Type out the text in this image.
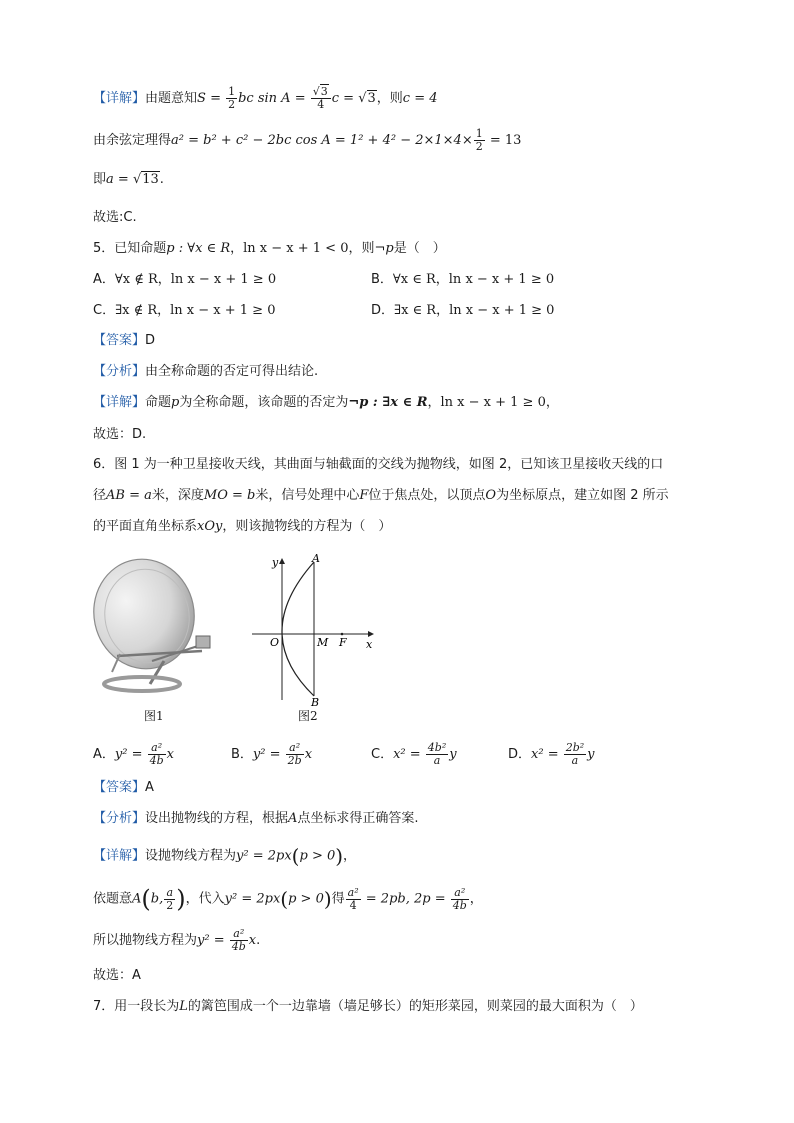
【详解】由题意知$S = \frac{1}{2}$ bc $\sin A = \frac{√3}{4}$ c = √3，则c = 4
由余弦定理得a² = b² + c² − 2bc $\cos A = 1^2 + 4^2 - 2\times 1\times 4\times \frac{1}{2} = 13$
即a = √13.
故选:C.
5．已知命题p : ∀x ∈ R，ln x − x + 1 < 0，则¬p是（　）
A．∀x ∉ R，ln x − x + 1 ≥ 0	B．∀x ∈ R，ln x − x + 1 ≥ 0
C．∃x ∉ R，ln x − x + 1 ≥ 0	D．∃x ∈ R，ln x − x + 1 ≥ 0
【答案】D
【分析】由全称命题的否定可得出结论.
【详解】命题p为全称命题，该命题的否定为¬p : ∃x ∈ R，ln x − x + 1 ≥ 0，
故选：D.
6．图 1 为一种卫星接收天线，其曲面与轴截面的交线为抛物线，如图 2，已知该卫星接收天线的口
径AB = a米，深度MO = b米，信号处理中心F位于焦点处，以顶点O为坐标原点，建立如图 2 所示
的平面直角坐标系xOy，则该抛物线的方程为（　）
图1
y	A
O	M F x
B
图2
A．$y^2 = \frac{\text{a²}}{4b}$ x	B．$y^2 = \frac{\text{a²}}{2b}$ x	C．$x^2 = \frac{\text{4b²}}{a}$ y	D．$x^2 = \frac{\text{2b²}}{a}$ y
【答案】A
【分析】设出抛物线的方程，根据A点坐标求得正确答案.
【详解】设抛物线方程为y² = 2px(p > 0)，
依题意A(b, $\frac{a}{2}$ )，代入y² = 2px(p > 0)得 $\frac{\text{a²}}{4} = 2pb$, $2p = \frac{\text{a²}}{4b}$ ，
所以抛物线方程为$y^2 = \frac{\text{a²}}{4b} x$.
故选：A
7．用一段长为L的篱笆围成一个一边靠墙（墙足够长）的矩形菜园，则菜园的最大面积为（　）
